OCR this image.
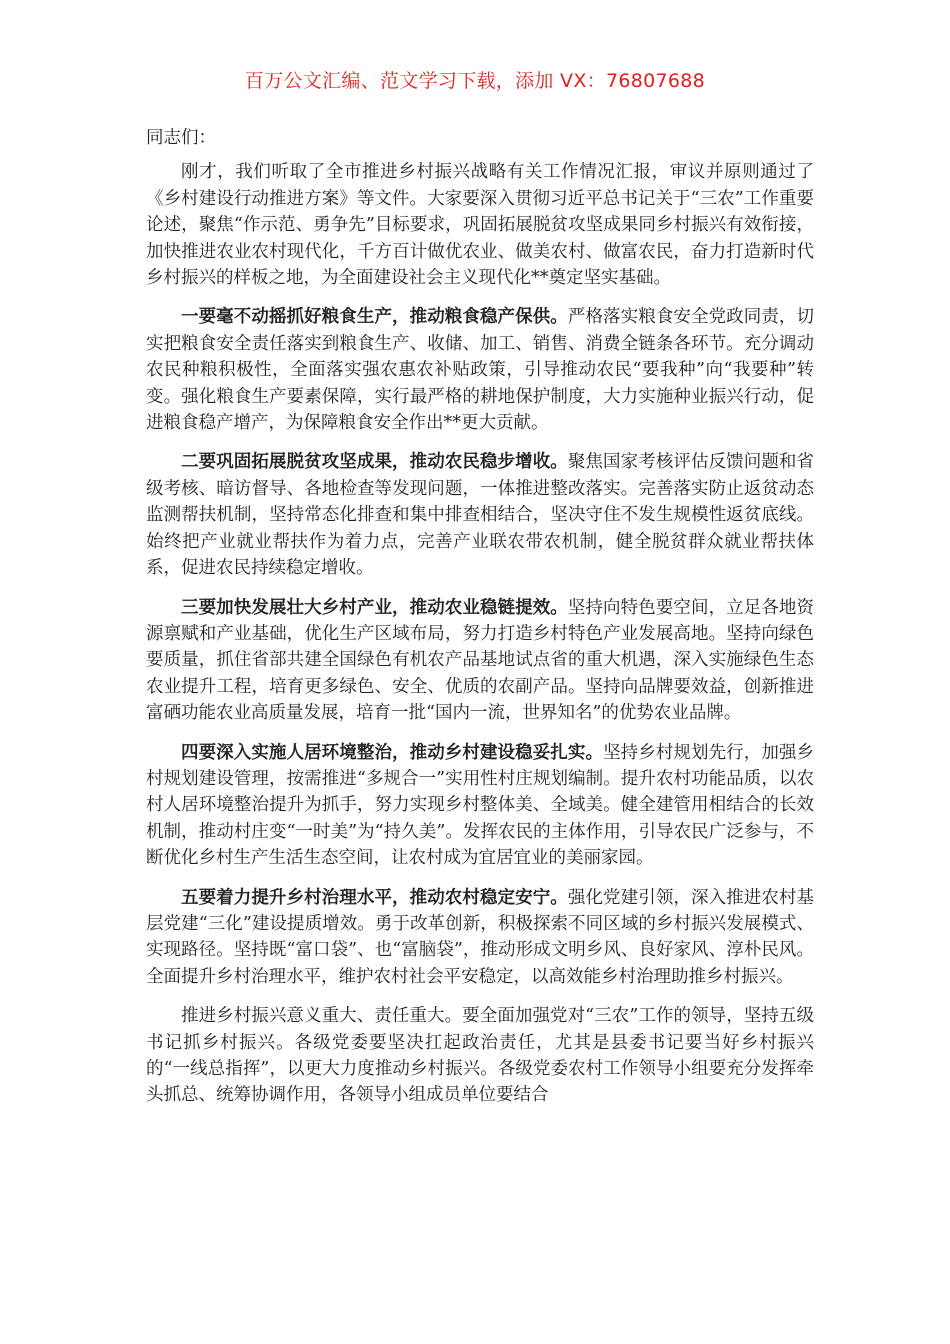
百万公文汇编、范文学习下载，添加 VX：76807688

同志们：

刚才，我们听取了全市推进乡村振兴战略有关工作情况汇报，审议并原则通过了《乡村建设行动推进方案》等文件。大家要深入贯彻习近平总书记关于“三农”工作重要论述，聚焦“作示范、勇争先”目标要求，巩固拓展脱贫攻坚成果同乡村振兴有效衔接，加快推进农业农村现代化，千方百计做优农业、做美农村、做富农民，奋力打造新时代乡村振兴的样板之地，为全面建设社会主义现代化**奠定坚实基础。

一要毫不动摇抓好粮食生产，推动粮食稳产保供。严格落实粮食安全党政同责，切实把粮食安全责任落实到粮食生产、收储、加工、销售、消费全链条各环节。充分调动农民种粮积极性，全面落实强农惠农补贴政策，引导推动农民“要我种”向“我要种”转变。强化粮食生产要素保障，实行最严格的耕地保护制度，大力实施种业振兴行动，促进粮食稳产增产，为保障粮食安全作出**更大贡献。

二要巩固拓展脱贫攻坚成果，推动农民稳步增收。聚焦国家考核评估反馈问题和省级考核、暗访督导、各地检查等发现问题，一体推进整改落实。完善落实防止返贫动态监测帮扶机制，坚持常态化排查和集中排查相结合，坚决守住不发生规模性返贫底线。始终把产业就业帮扶作为着力点，完善产业联农带农机制，健全脱贫群众就业帮扶体系，促进农民持续稳定增收。

三要加快发展壮大乡村产业，推动农业稳链提效。坚持向特色要空间，立足各地资源禀赋和产业基础，优化生产区域布局，努力打造乡村特色产业发展高地。坚持向绿色要质量，抓住省部共建全国绿色有机农产品基地试点省的重大机遇，深入实施绿色生态农业提升工程，培育更多绿色、安全、优质的农副产品。坚持向品牌要效益，创新推进富硒功能农业高质量发展，培育一批“国内一流，世界知名”的优势农业品牌。

四要深入实施人居环境整治，推动乡村建设稳妥扎实。坚持乡村规划先行，加强乡村规划建设管理，按需推进“多规合一”实用性村庄规划编制。提升农村功能品质，以农村人居环境整治提升为抓手，努力实现乡村整体美、全域美。健全建管用相结合的长效机制，推动村庄变“一时美”为“持久美”。发挥农民的主体作用，引导农民广泛参与，不断优化乡村生产生活生态空间，让农村成为宜居宜业的美丽家园。

五要着力提升乡村治理水平，推动农村稳定安宁。强化党建引领，深入推进农村基层党建“三化”建设提质增效。勇于改革创新，积极探索不同区域的乡村振兴发展模式、实现路径。坚持既“富口袋”、也“富脑袋”，推动形成文明乡风、良好家风、淳朴民风。全面提升乡村治理水平，维护农村社会平安稳定，以高效能乡村治理助推乡村振兴。

推进乡村振兴意义重大、责任重大。要全面加强党对“三农”工作的领导，坚持五级书记抓乡村振兴。各级党委要坚决扛起政治责任，尤其是县委书记要当好乡村振兴的“一线总指挥”，以更大力度推动乡村振兴。各级党委农村工作领导小组要充分发挥牵头抓总、统筹协调作用，各领导小组成员单位要结合
